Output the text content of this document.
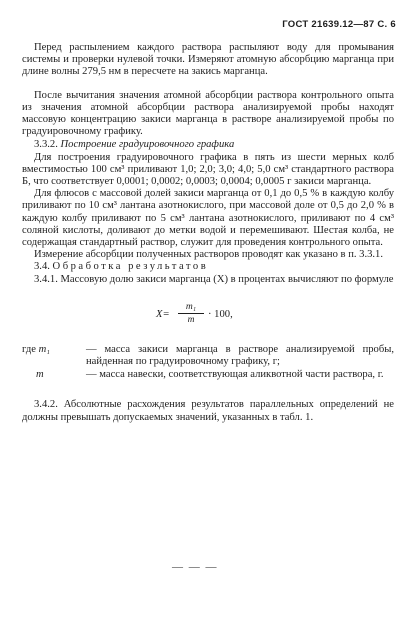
ГОСТ 21639.12—87 С. 6

Перед распылением каждого раствора распыляют воду для промывания системы и проверки нулевой точки. Измеряют атомную абсорбцию марганца при длине волны 279,5 нм в пересчете на закись марганца.

После вычитания значения атомной абсорбции раствора контрольного опыта из значения атомной абсорбции раствора анализируемой пробы находят массовую концентрацию закиси марганца в растворе анализируемой пробы по градуировочному графику.

3.3.2. Построение градуировочного графика

Для построения градуировочного графика в пять из шести мерных колб вместимостью 100 см³ приливают 1,0; 2,0; 3,0; 4,0; 5,0 см³ стандартного раствора Б, что соответствует 0,0001; 0,0002; 0,0003; 0,0004; 0,0005 г закиси марганца.

Для флюсов с массовой долей закиси марганца от 0,1 до 0,5 % в каждую колбу приливают по 10 см³ лантана азотнокислого, при массовой доле от 0,5 до 2,0 % в каждую колбу приливают по 5 см³ лантана азотнокислого, приливают по 4 см³ соляной кислоты, доливают до метки водой и перемешивают. Шестая колба, не содержащая стандартный раствор, служит для проведения контрольного опыта.

Измерение абсорбции полученных растворов проводят как указано в п. 3.3.1.

3.4. Обработка результатов

3.4.1. Массовую долю закиси марганца (X) в процентах вычисляют по формуле

$X= \frac{\text{m₁}}{m} \cdot 100$,
где m₁	— масса закиси марганца в растворе анализируемой пробы, найденная по градуировочному графику, г;
m	— масса навески, соответствующая аликвотной части раствора, г.

3.4.2. Абсолютные расхождения результатов параллельных определений не должны превышать допускаемых значений, указанных в табл. 1.

— — —
